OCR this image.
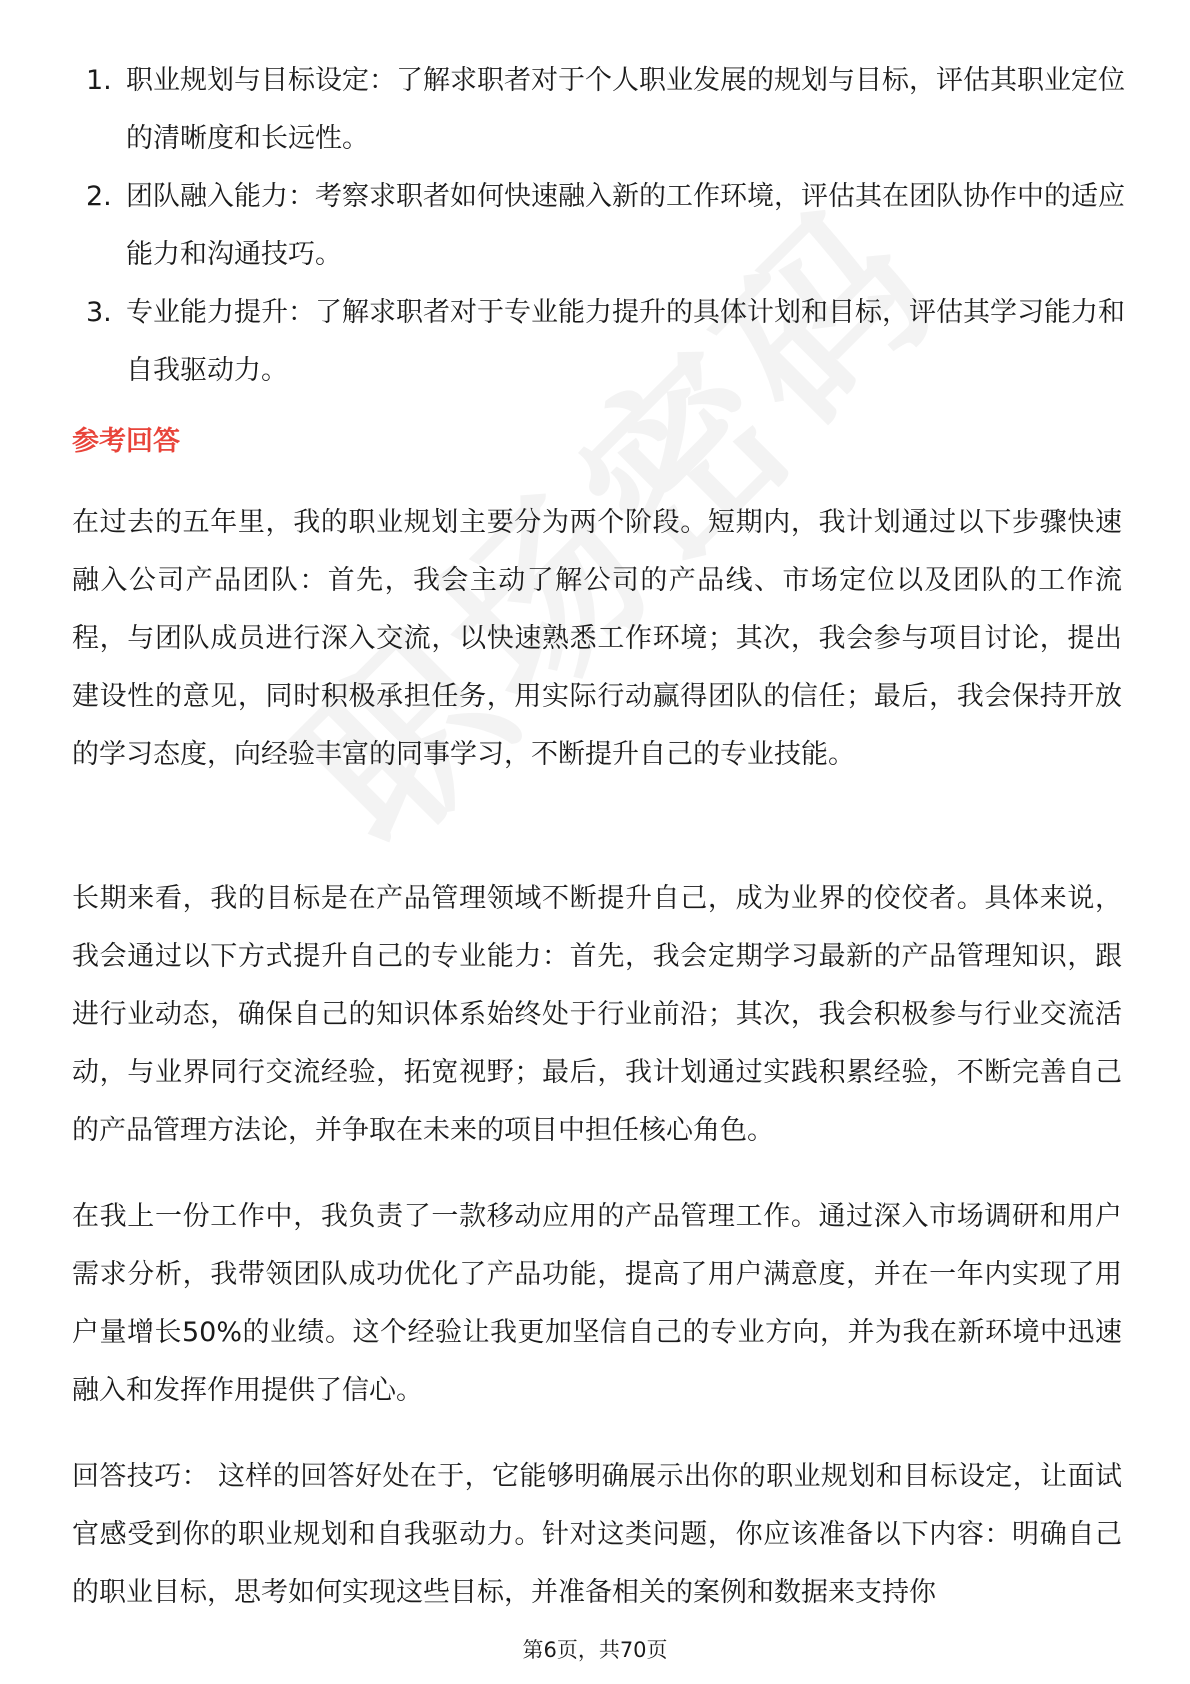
1. 职业规划与目标设定：了解求职者对于个人职业发展的规划与目标，评估其职业定位的清晰度和长远性。
2. 团队融入能力：考察求职者如何快速融入新的工作环境，评估其在团队协作中的适应能力和沟通技巧。
3. 专业能力提升：了解求职者对于专业能力提升的具体计划和目标，评估其学习能力和自我驱动力。
参考回答

在过去的五年里，我的职业规划主要分为两个阶段。短期内，我计划通过以下步骤快速融入公司产品团队：首先，我会主动了解公司的产品线、市场定位以及团队的工作流程，与团队成员进行深入交流，以快速熟悉工作环境；其次，我会参与项目讨论，提出建设性的意见，同时积极承担任务，用实际行动赢得团队的信任；最后，我会保持开放的学习态度，向经验丰富的同事学习，不断提升自己的专业技能。

长期来看，我的目标是在产品管理领域不断提升自己，成为业界的佼佼者。具体来说，我会通过以下方式提升自己的专业能力：首先，我会定期学习最新的产品管理知识，跟进行业动态，确保自己的知识体系始终处于行业前沿；其次，我会积极参与行业交流活动，与业界同行交流经验，拓宽视野；最后，我计划通过实践积累经验，不断完善自己的产品管理方法论，并争取在未来的项目中担任核心角色。

在我上一份工作中，我负责了一款移动应用的产品管理工作。通过深入市场调研和用户需求分析，我带领团队成功优化了产品功能，提高了用户满意度，并在一年内实现了用户量增长50%的业绩。这个经验让我更加坚信自己的专业方向，并为我在新环境中迅速融入和发挥作用提供了信心。

回答技巧： 这样的回答好处在于，它能够明确展示出你的职业规划和目标设定，让面试官感受到你的职业规划和自我驱动力。针对这类问题，你应该准备以下内容：明确自己的职业目标，思考如何实现这些目标，并准备相关的案例和数据来支持你

第6页，共70页
